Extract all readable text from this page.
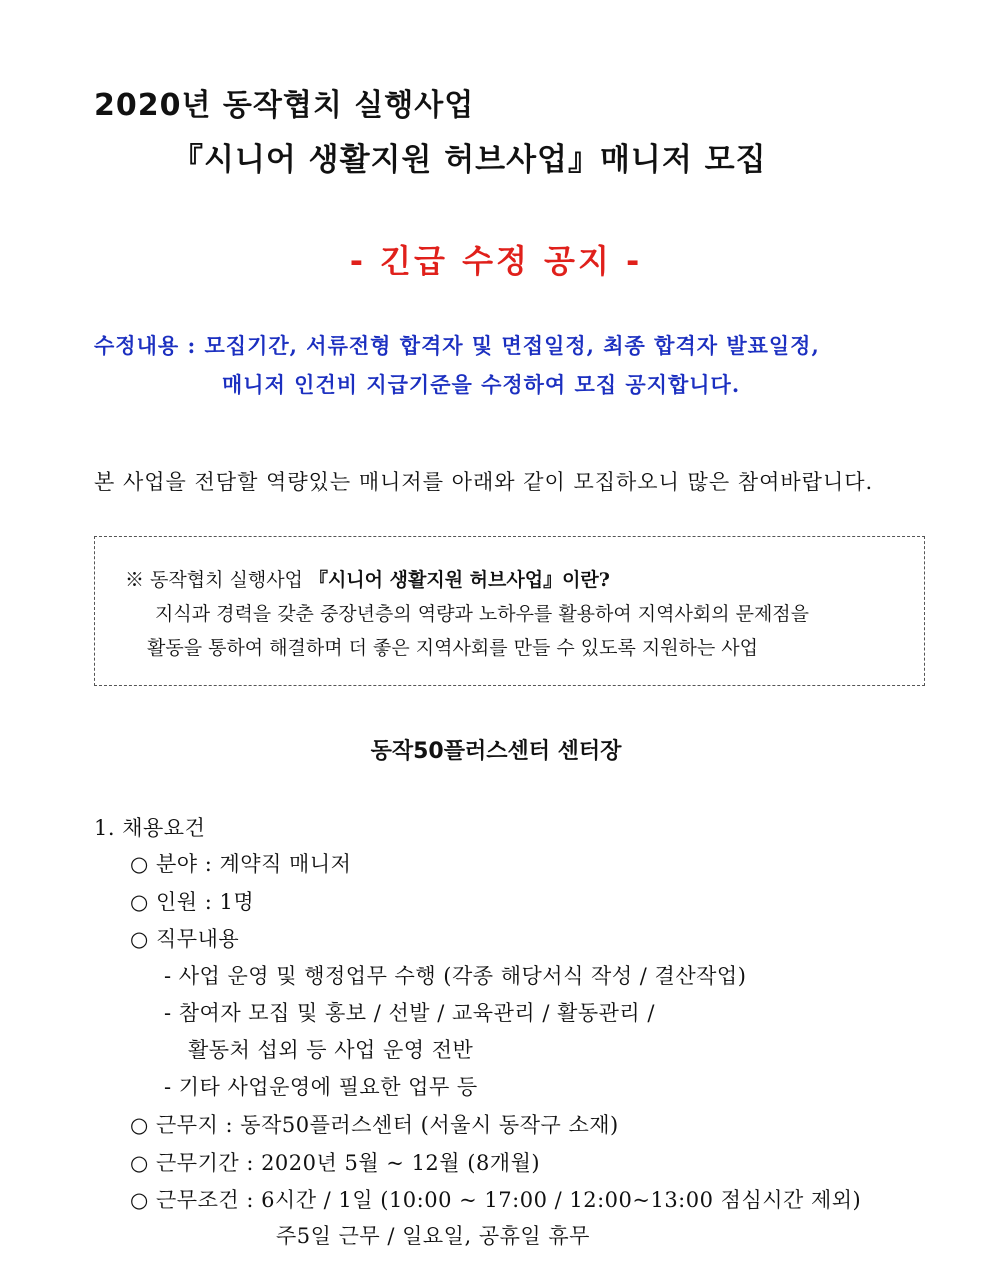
2020년 동작협치 실행사업
『시니어 생활지원 허브사업』매니저 모집
- 긴급 수정 공지 -
수정내용 : 모집기간, 서류전형 합격자 및 면접일정, 최종 합격자 발표일정,
매니저 인건비 지급기준을 수정하여 모집 공지합니다.
본 사업을 전담할 역량있는 매니저를 아래와 같이 모집하오니 많은 참여바랍니다.
※ 동작협치 실행사업 『시니어 생활지원 허브사업』이란?
지식과 경력을 갖춘 중장년층의 역량과 노하우를 활용하여 지역사회의 문제점을
활동을 통하여 해결하며 더 좋은 지역사회를 만들 수 있도록 지원하는 사업
동작50플러스센터 센터장
1. 채용요건
○ 분야 : 계약직 매니저
○ 인원 : 1명
○ 직무내용
- 사업 운영 및 행정업무 수행 (각종 해당서식 작성 / 결산작업)
- 참여자 모집 및 홍보 / 선발 / 교육관리 / 활동관리 /
활동처 섭외 등 사업 운영 전반
- 기타 사업운영에 필요한 업무 등
○ 근무지 : 동작50플러스센터 (서울시 동작구 소재)
○ 근무기간 : 2020년 5월 ~ 12월 (8개월)
○ 근무조건 : 6시간 / 1일 (10:00 ~ 17:00 / 12:00~13:00 점심시간 제외)
주5일 근무 / 일요일, 공휴일 휴무
